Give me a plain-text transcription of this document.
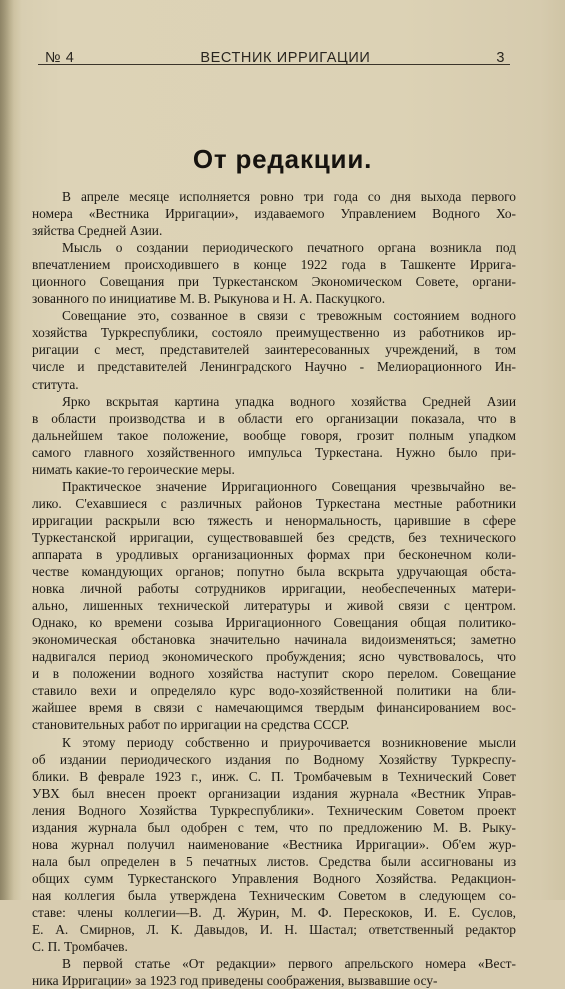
№ 4	ВЕСТНИК ИРРИГАЦИИ	3
От редакции.
В апреле месяце исполняется ровно три года со дня выхода первого
номера «Вестника Ирригации», издаваемого Управлением Водного Хо-
зяйства Средней Азии.
Мысль о создании периодического печатного органа возникла под
впечатлением происходившего в конце 1922 года в Ташкенте Ирригa-
ционного Совещания при Туркестанском Экономическом Совете, органи-
зованного по инициативе М. В. Рыкунова и Н. А. Паскуцкого.
Совещание это, созванное в связи с тревожным состоянием водного
хозяйства Туркреспублики, состояло преимущественно из работников ир-
ригации с мест, представителей заинтересованных учреждений, в том
числе и представителей Ленинградского Научно - Мелиорационного Ин-
ститута.
Ярко вскрытая картина упадка водного хозяйства Средней Азии
в области производства и в области его организации показала, что в
дальнейшем такое положение, вообще говоря, грозит полным упадком
самого главного хозяйственного импульса Туркестана. Нужно было при-
нимать какие-то героические меры.
Практическое значение Ирригационного Совещания чрезвычайно ве-
лико. С'ехавшиеся с различных районов Туркестана местные работники
ирригации раскрыли всю тяжесть и ненормальность, царившие в сфере
Туркестанской ирригации, существовавшей без средств, без технического
аппарата в уродливых организационных формах при бесконечном коли-
честве командующих органов; попутно была вскрыта удручающая обста-
новка личной работы сотрудников ирригации, необеспеченных матери-
ально, лишенных технической литературы и живой связи с центром.
Однако, ко времени созыва Ирригационного Совещания общая политико-
экономическая обстановка значительно начинала видоизменяться; заметно
надвигался период экономического пробуждения; ясно чувствовалось, что
и в положении водного хозяйства наступит скоро перелом. Совещание
ставило вехи и определяло курс водо-хозяйственной политики на бли-
жайшее время в связи с намечающимся твердым финансированием вос-
становительных работ по ирригации на средства СССР.
К этому периоду собственно и приурочивается возникновение мысли
об издании периодического издания по Водному Хозяйству Туркреспу-
блики. В феврале 1923 г., инж. С. П. Тромбачевым в Технический Совет
УВХ был внесен проект организации издания журнала «Вестник Управ-
ления Водного Хозяйства Туркреспублики». Техническим Советом проект
издания журнала был одобрен с тем, что по предложению М. В. Рыку-
нова журнал получил наименование «Вестника Ирригации». Об'ем жур-
нала был определен в 5 печатных листов. Средства были ассигнованы из
общих сумм Туркестанского Управления Водного Хозяйства. Редакцион-
ная коллегия была утверждена Техническим Советом в следующем со-
ставе: члены коллегии—В. Д. Журин, М. Ф. Перескоков, И. Е. Суслов,
Е. А. Смирнов, Л. К. Давыдов, И. Н. Шастал; ответственный редактор
С. П. Тромбачев.
В первой статье «От редакции» первого апрельского номера «Вест-
ника Ирригации» за 1923 год приведены соображения, вызвавшие осу-
